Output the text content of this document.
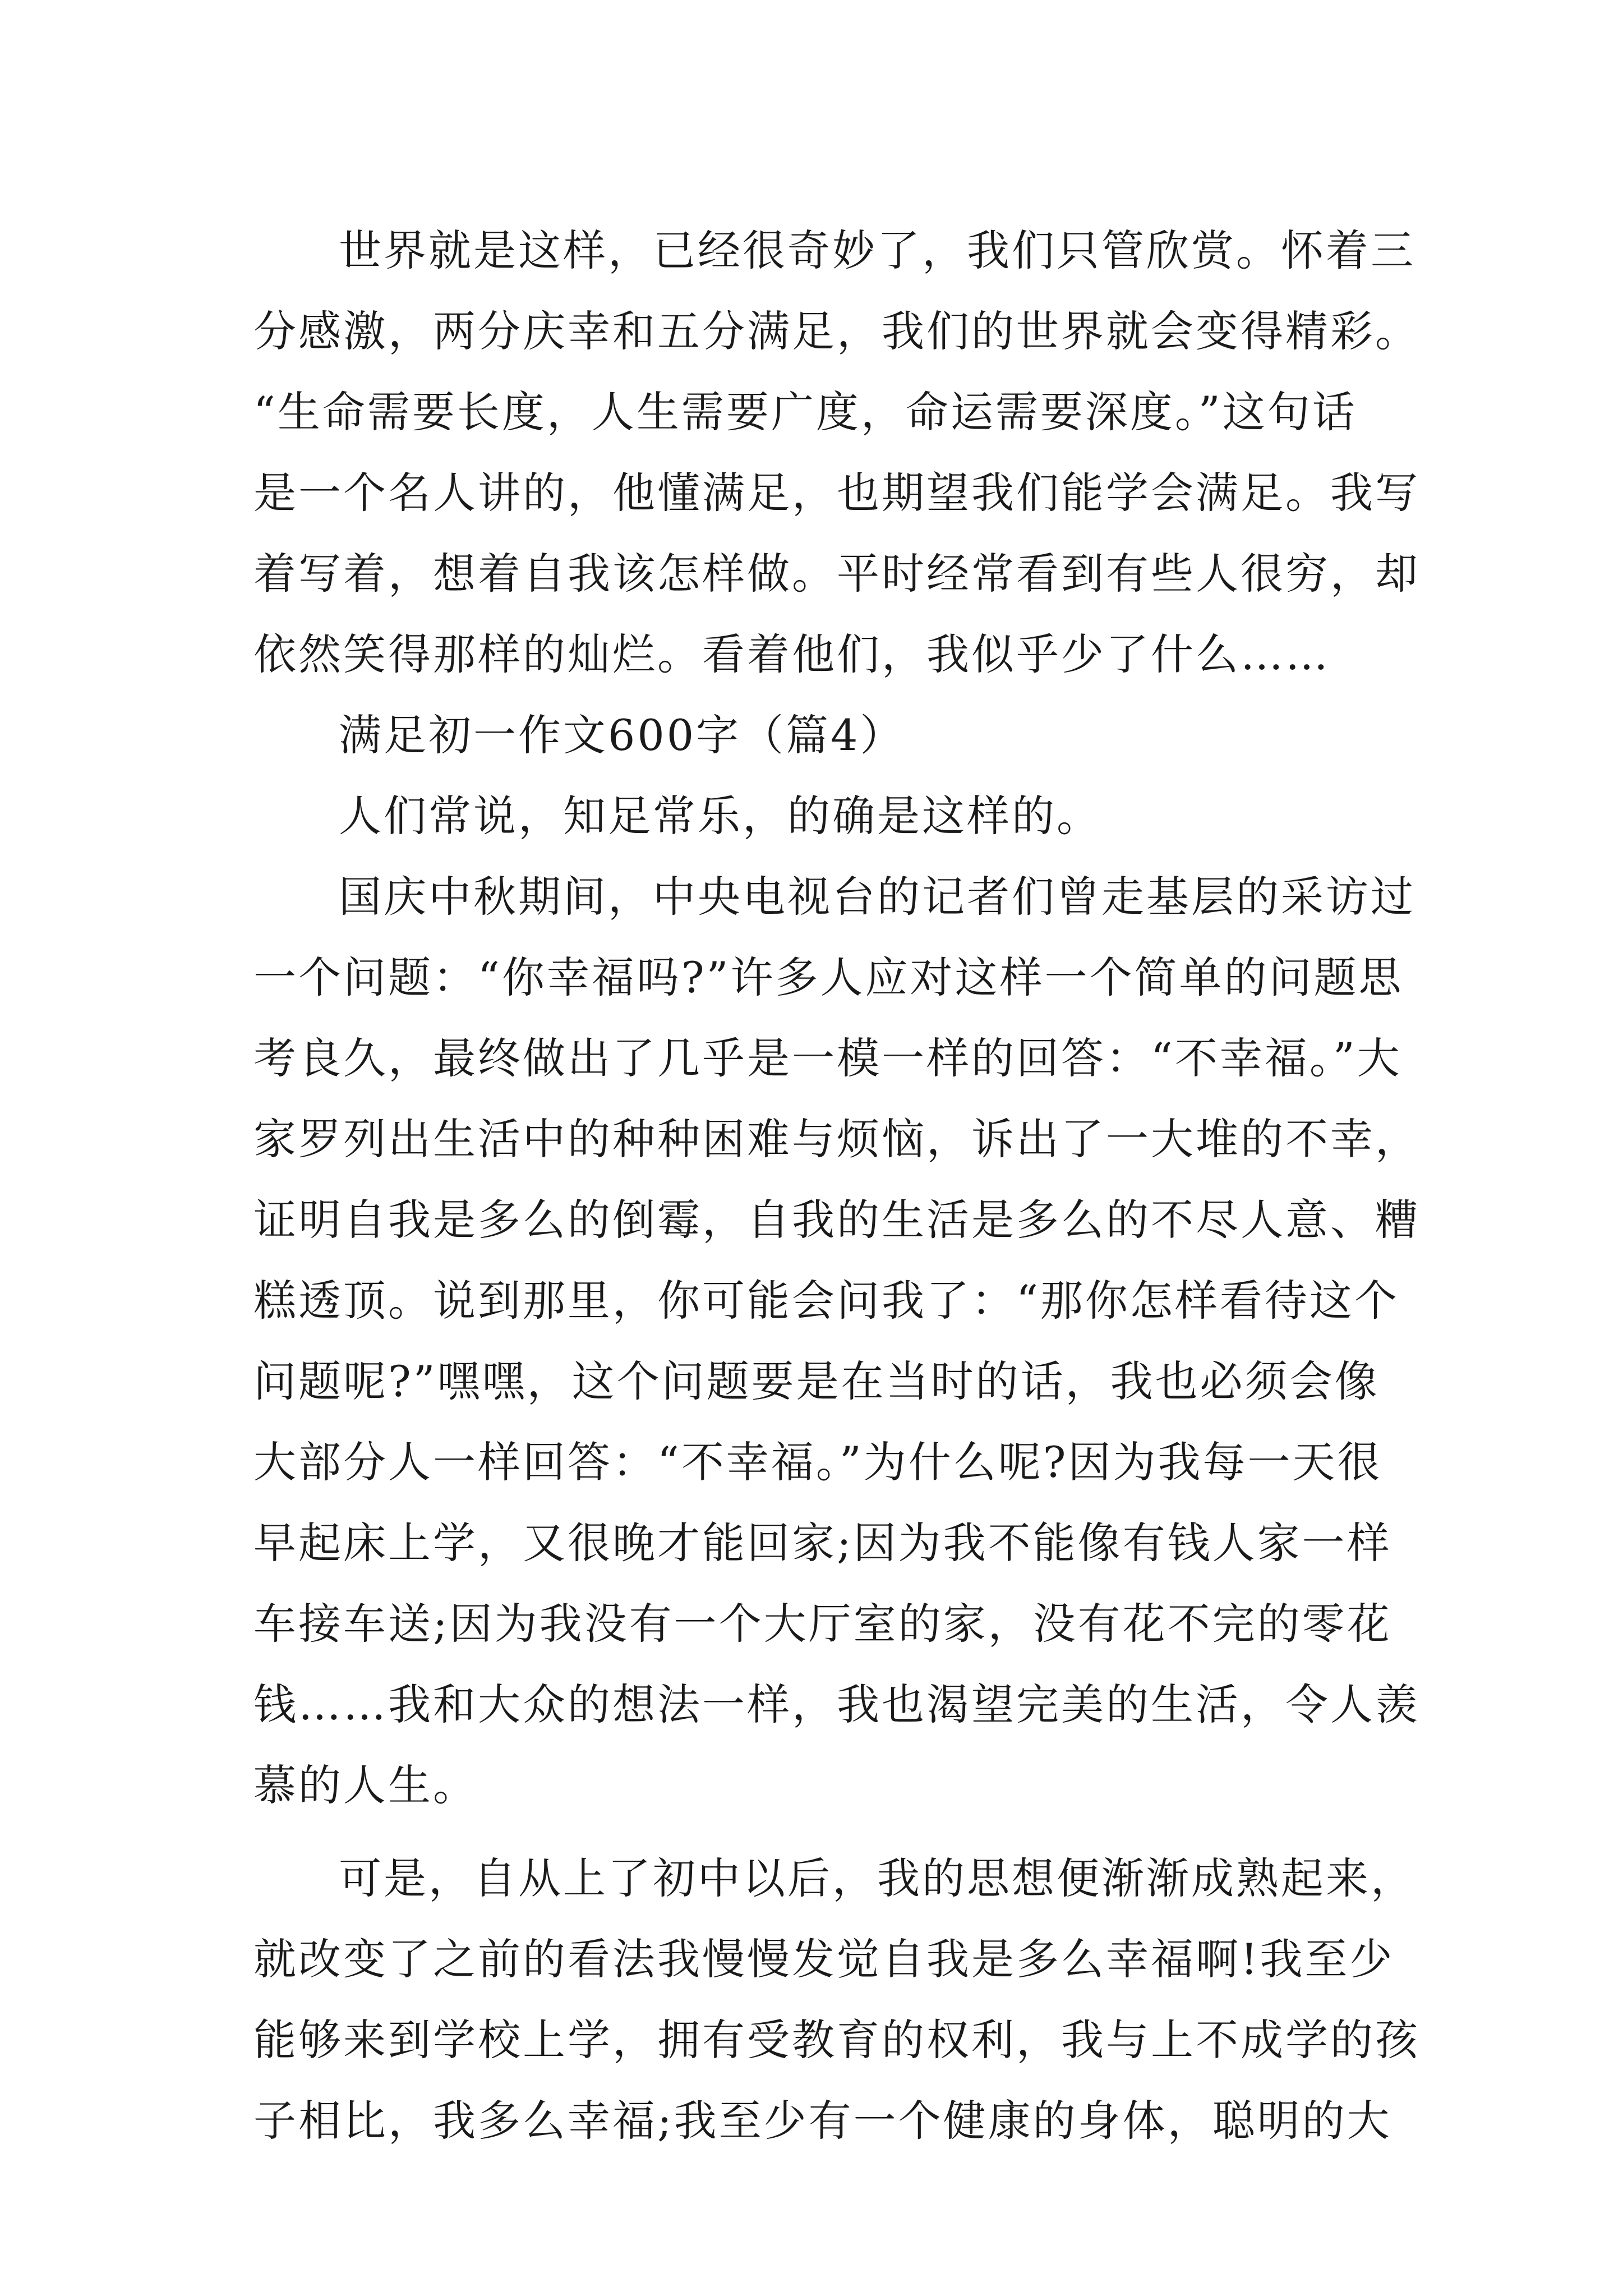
世界就是这样，已经很奇妙了，我们只管欣赏。怀着三
分感激，两分庆幸和五分满足，我们的世界就会变得精彩。
“生命需要长度，人生需要广度，命运需要深度。”这句话
是一个名人讲的，他懂满足，也期望我们能学会满足。我写
着写着，想着自我该怎样做。平时经常看到有些人很穷，却
依然笑得那样的灿烂。看着他们，我似乎少了什么……
满足初一作文600字（篇4）
人们常说，知足常乐，的确是这样的。
国庆中秋期间，中央电视台的记者们曾走基层的采访过
一个问题：“你幸福吗?”许多人应对这样一个简单的问题思
考良久，最终做出了几乎是一模一样的回答：“不幸福。”大
家罗列出生活中的种种困难与烦恼，诉出了一大堆的不幸，
证明自我是多么的倒霉，自我的生活是多么的不尽人意、糟
糕透顶。说到那里，你可能会问我了：“那你怎样看待这个
问题呢?”嘿嘿，这个问题要是在当时的话，我也必须会像
大部分人一样回答：“不幸福。”为什么呢?因为我每一天很
早起床上学，又很晚才能回家;因为我不能像有钱人家一样
车接车送;因为我没有一个大厅室的家，没有花不完的零花
钱……我和大众的想法一样，我也渴望完美的生活，令人羡
慕的人生。
可是，自从上了初中以后，我的思想便渐渐成熟起来，
就改变了之前的看法我慢慢发觉自我是多么幸福啊!我至少
能够来到学校上学，拥有受教育的权利，我与上不成学的孩
子相比，我多么幸福;我至少有一个健康的身体，聪明的大
